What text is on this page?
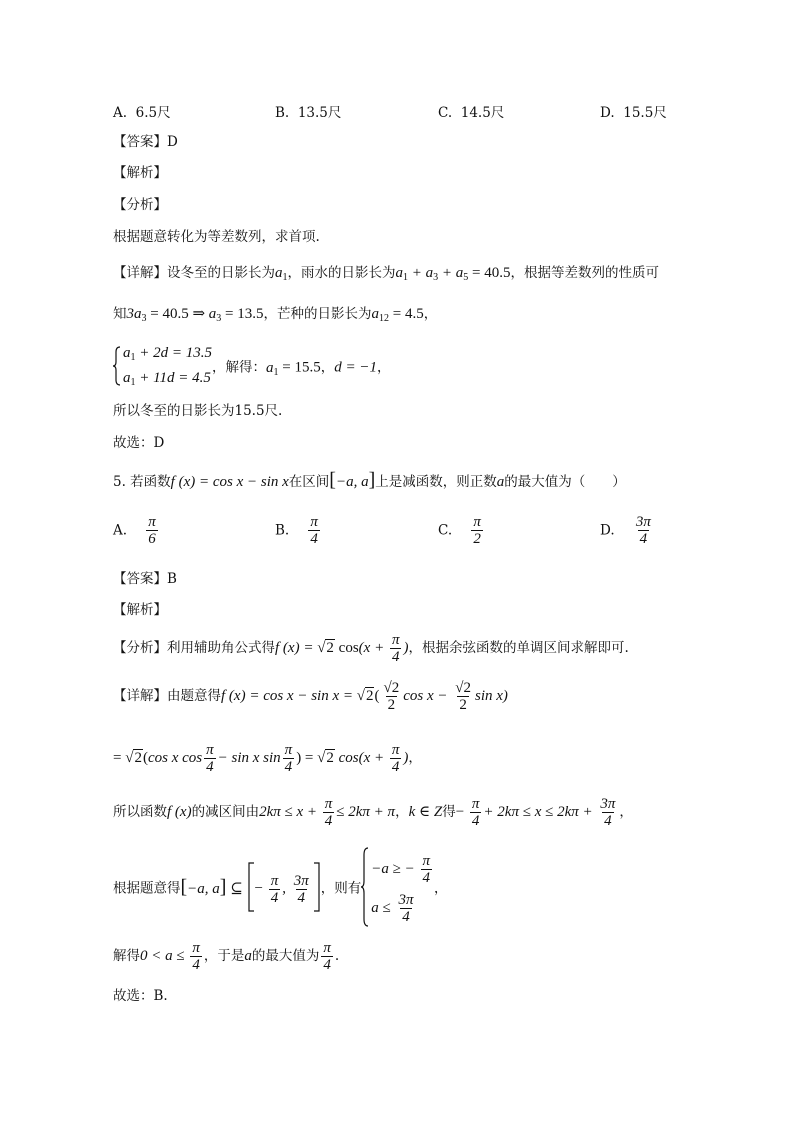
A. 6.5尺	B. 13.5尺	C. 14.5尺	D. 15.5尺
【答案】D
【解析】
【分析】
根据题意转化为等差数列，求首项.
【详解】设冬至的日影长为$a_1$，雨水的日影长为$a_1 + a_3 + a_5 = 40.5$，根据等差数列的性质可
知$3a_3 = 40.5$ ⇒ $a_3 = 13.5$，芒种的日影长为$a_{12} = 4.5$，
$a_1 + 2d = 13.5$
$a_1 + 11d = 4.5$
，解得：$a_1 = 15.5$，d = −1，
所以冬至的日影长为15.5尺.
故选：D
5. 若函数f (x) = cos x − sin x在区间[−a, a]上是减函数，则正数a的最大值为（　　）
A. $\frac{\pi}{6}$	B. $\frac{\pi}{4}$	C. $\frac{\pi}{2}$	D. $\frac{3\pi}{4}$
【答案】B
【解析】
【分析】利用辅助角公式得f (x) = √2 $\cos(x + \frac{\pi}{4}$ )，根据余弦函数的单调区间求解即可.
【详解】由题意得f $(x) = \cos x - \sin x = √2( \frac{√2}{2}$ $\cos x - \frac{√2}{2}$ sin x)
= √2(cos x $\cos \frac{\pi}{4} - \sin x$ $\sin \frac{\pi}{4}$ ) = √2 $\cos(x + \frac{\pi}{4}$ )，
所以函数f (x)的减区间由$2k\pi \le x + \frac{\pi}{4} \le 2k\pi + \pi$，k ∈ Z得− $\frac{\pi}{4} + 2k\pi \le x \le 2k\pi + \frac{3\pi}{4}$ ，
根据题意得[−a, a] ⊆ − $\frac{\pi}{4}$ , $\frac{3\pi}{4}$ ，则有
−a ≥ − $\frac{\pi}{4}$
$a \le \frac{3\pi}{4}$
，
解得$0 < a \le \frac{\pi}{4}$ ，于是a的最大值为 $\frac{\pi}{4}$ .
故选：B.
